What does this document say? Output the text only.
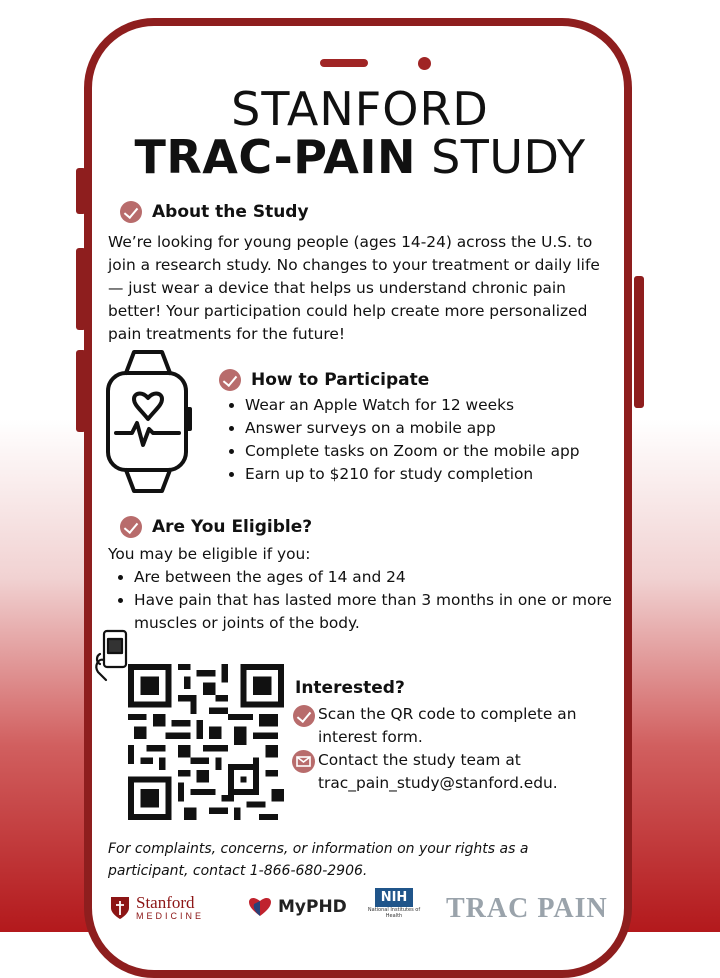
STANFORD
TRAC-PAIN STUDY
About the Study
We’re looking for young people (ages 14-24) across the U.S. to
join a research study. No changes to your treatment or daily life
— just wear a device that helps us understand chronic pain
better! Your participation could help create more personalized
pain treatments for the future!
How to Participate
• Wear an Apple Watch for 12 weeks
• Answer surveys on a mobile app
• Complete tasks on Zoom or the mobile app
• Earn up to $210 for study completion
Are You Eligible?
You may be eligible if you:
• Are between the ages of 14 and 24
• Have pain that has lasted more than 3 months in one or more muscles or joints of the body.
Interested?
Scan the QR code to complete an
interest form.
Contact the study team at
trac_pain_study@stanford.edu.
For complaints, concerns, or information on your rights as a
participant, contact 1-866-680-2906.
Stanford
MEDICINE	MyPHD	NIH
National Institutes of Health	TRAC PAIN
